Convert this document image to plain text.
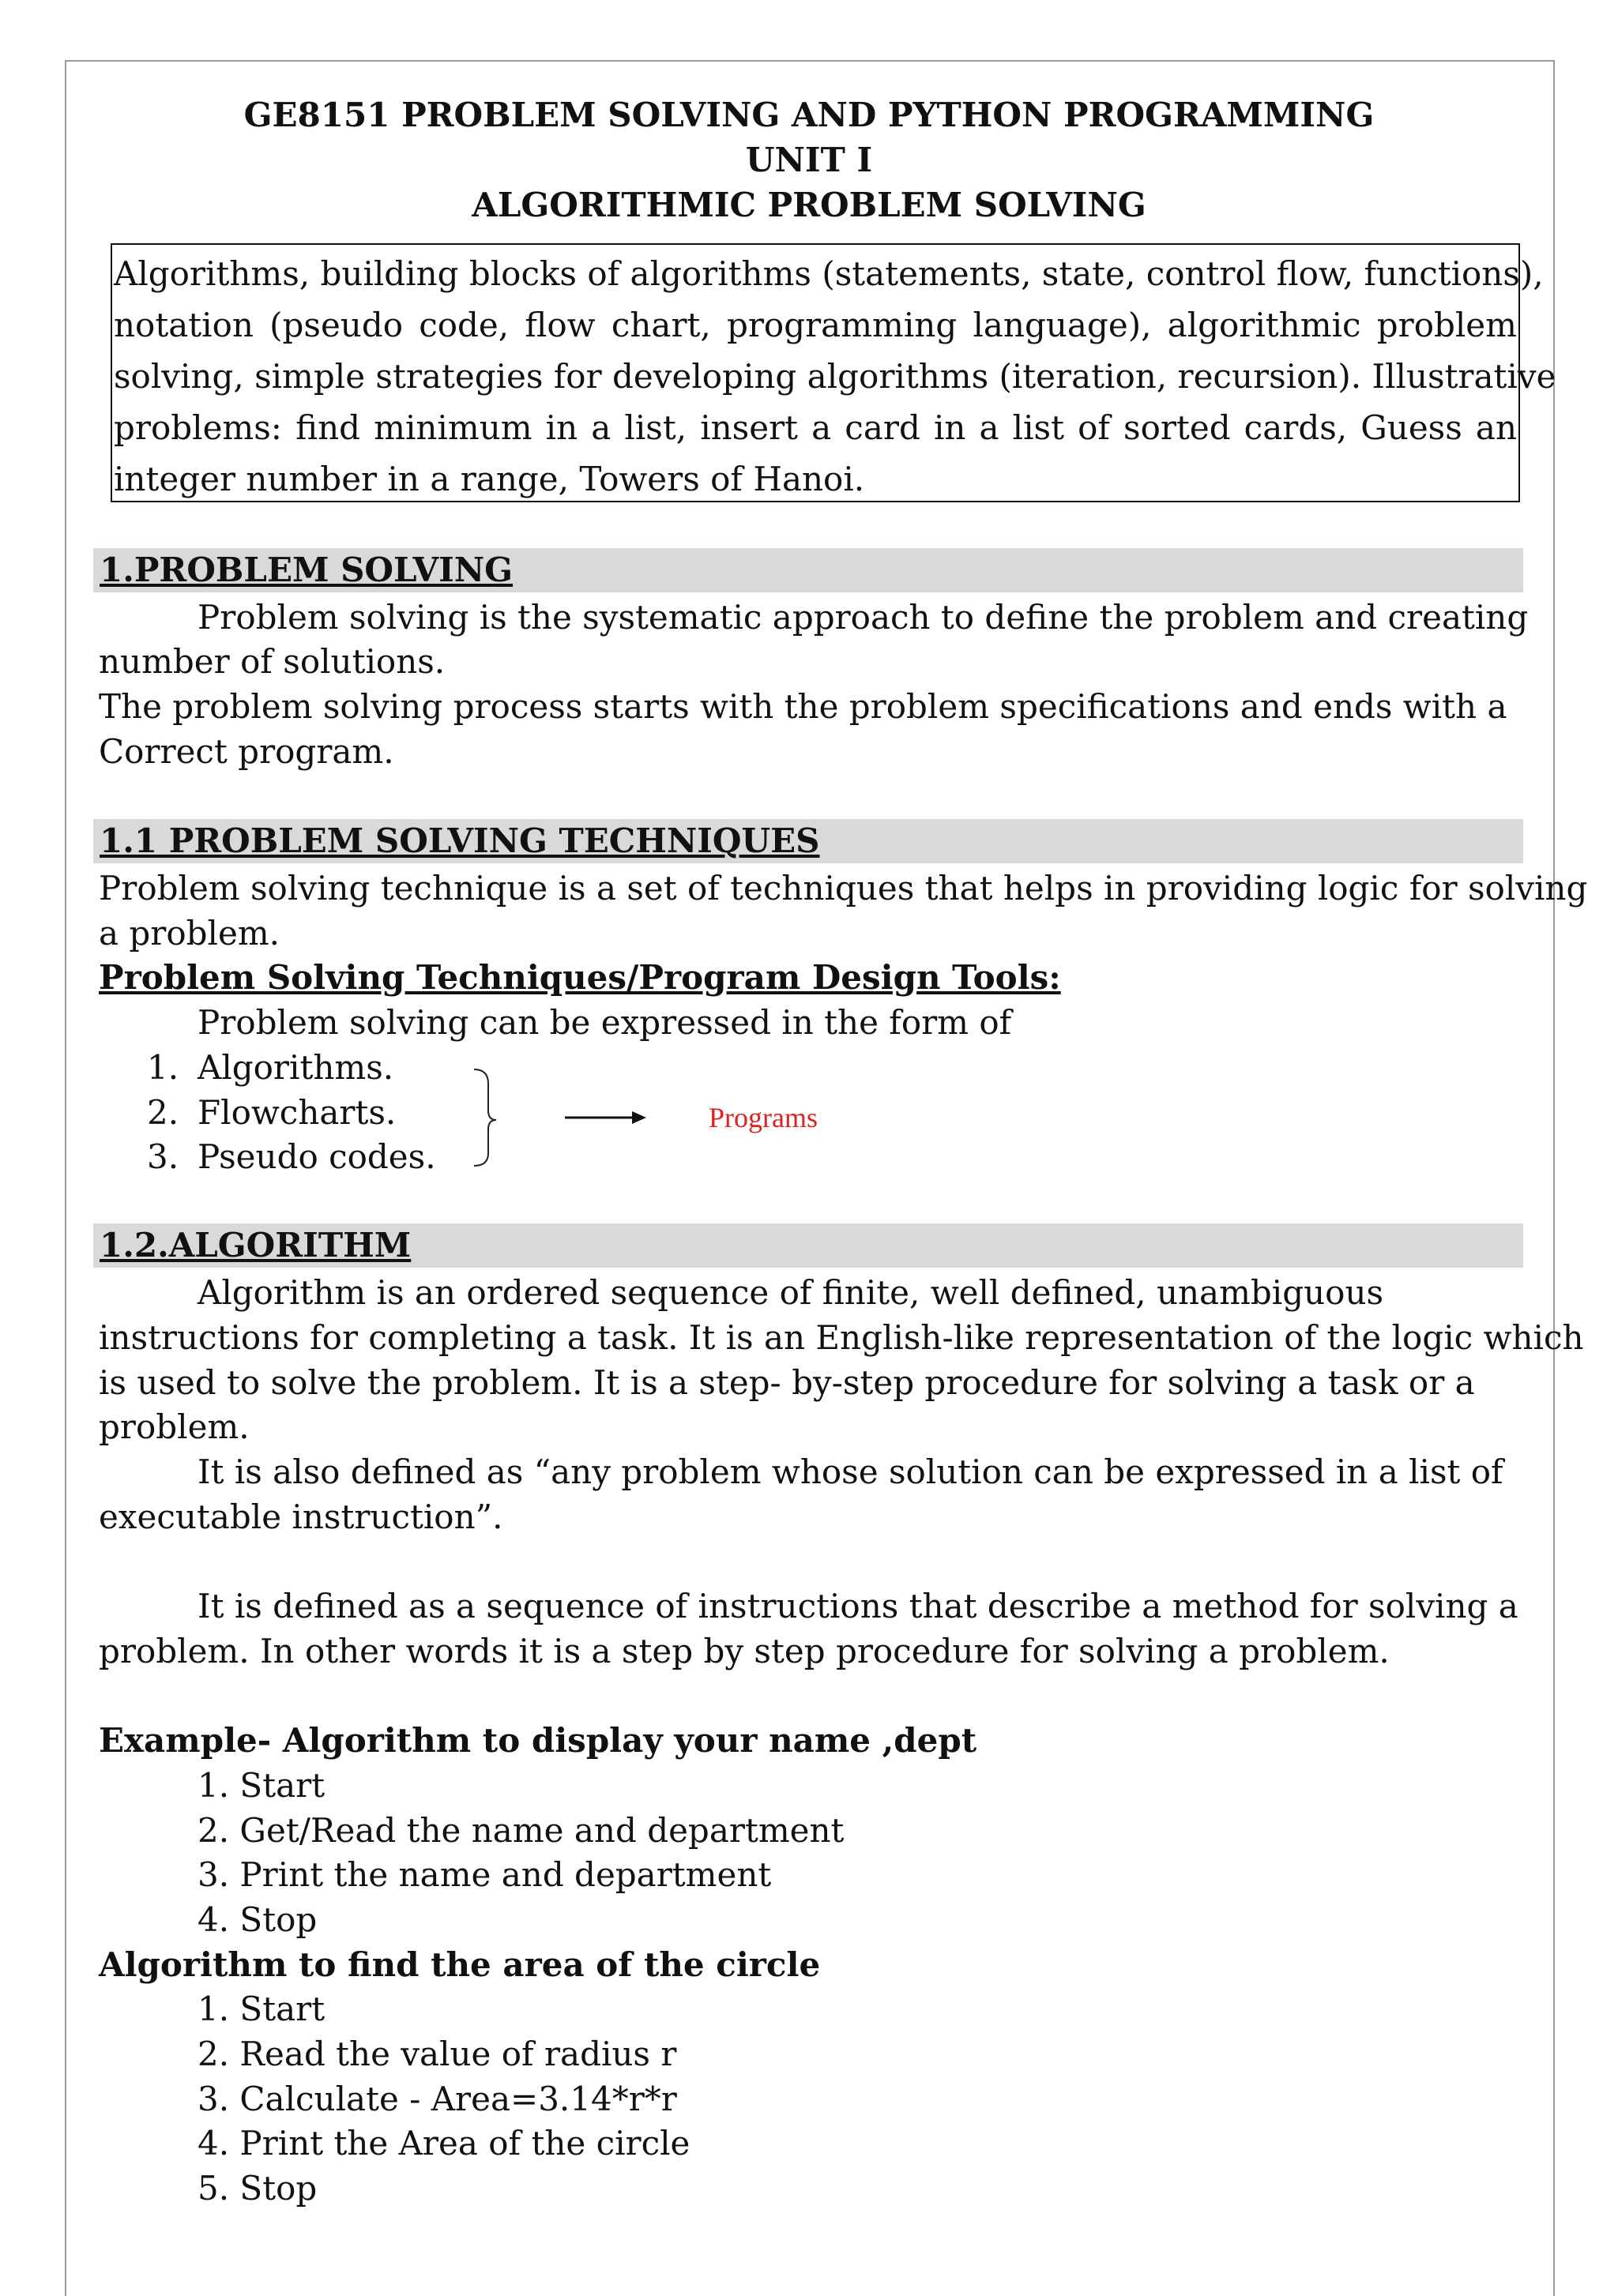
GE8151 PROBLEM SOLVING AND PYTHON PROGRAMMING
UNIT I
ALGORITHMIC PROBLEM SOLVING
Algorithms, building blocks of algorithms (statements, state, control flow, functions),
notation (pseudo code, flow chart, programming language), algorithmic problem
solving, simple strategies for developing algorithms (iteration, recursion). Illustrative
problems: find minimum in a list, insert a card in a list of sorted cards, Guess an
integer number in a range, Towers of Hanoi.
1.PROBLEM SOLVING
Problem solving is the systematic approach to define the problem and creating
number of solutions.
The problem solving process starts with the problem specifications and ends with a
Correct program.
1.1 PROBLEM SOLVING TECHNIQUES
Problem solving technique is a set of techniques that helps in providing logic for solving
a problem.
Problem Solving Techniques/Program Design Tools:
Problem solving can be expressed in the form of
1. Algorithms.
2. Flowcharts.
3. Pseudo codes.
Programs
1.2.ALGORITHM
Algorithm is an ordered sequence of finite, well defined, unambiguous
instructions for completing a task. It is an English-like representation of the logic which
is used to solve the problem. It is a step- by-step procedure for solving a task or a
problem.
It is also defined as “any problem whose solution can be expressed in a list of
executable instruction”.
It is defined as a sequence of instructions that describe a method for solving a
problem. In other words it is a step by step procedure for solving a problem.
Example- Algorithm to display your name ,dept
1. Start
2. Get/Read the name and department
3. Print the name and department
4. Stop
Algorithm to find the area of the circle
1. Start
2. Read the value of radius r
3. Calculate - Area=3.14*r*r
4. Print the Area of the circle
5. Stop
